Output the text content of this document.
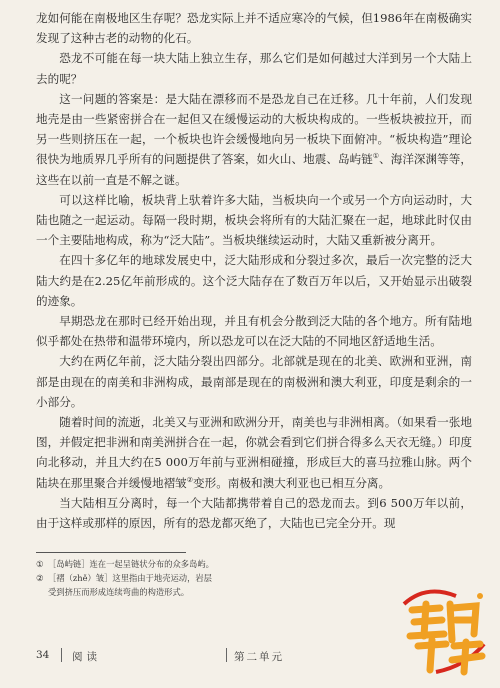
龙如何能在南极地区生存呢？恐龙实际上并不适应寒冷的气候，但1986年在南极确实发现了这种古老的动物的化石。

恐龙不可能在每一块大陆上独立生存，那么它们是如何越过大洋到另一个大陆上去的呢？

这一问题的答案是：是大陆在漂移而不是恐龙自己在迁移。几十年前，人们发现地壳是由一些紧密拼合在一起但又在缓慢运动的大板块构成的。一些板块被拉开，而另一些则挤压在一起，一个板块也许会缓慢地向另一板块下面俯冲。“板块构造”理论很快为地质界几乎所有的问题提供了答案，如火山、地震、岛屿链①、海洋深渊等等，这些在以前一直是不解之谜。

可以这样比喻，板块背上驮着许多大陆，当板块向一个或另一个方向运动时，大陆也随之一起运动。每隔一段时期，板块会将所有的大陆汇聚在一起，地球此时仅由一个主要陆地构成，称为“泛大陆”。当板块继续运动时，大陆又重新被分离开。

在四十多亿年的地球发展史中，泛大陆形成和分裂过多次，最后一次完整的泛大陆大约是在2.25亿年前形成的。这个泛大陆存在了数百万年以后，又开始显示出破裂的迹象。

早期恐龙在那时已经开始出现，并且有机会分散到泛大陆的各个地方。所有陆地似乎都处在热带和温带环境内，所以恐龙可以在泛大陆的不同地区舒适地生活。

大约在两亿年前，泛大陆分裂出四部分。北部就是现在的北美、欧洲和亚洲，南部是由现在的南美和非洲构成，最南部是现在的南极洲和澳大利亚，印度是剩余的一小部分。

随着时间的流逝，北美又与亚洲和欧洲分开，南美也与非洲相离。（如果看一张地图，并假定把非洲和南美洲拼合在一起，你就会看到它们拼合得多么天衣无缝。）印度向北移动，并且大约在5 000万年前与亚洲相碰撞，形成巨大的喜马拉雅山脉。两个陆块在那里聚合并缓慢地褶皱②变形。南极和澳大利亚也已相互分离。

当大陆相互分离时，每一个大陆都携带着自己的恐龙而去。到6 500万年以前，由于这样或那样的原因，所有的恐龙都灭绝了，大陆也已完全分开。现

① ［岛屿链］连在一起呈链状分布的众多岛屿。

② ［褶（zhě）皱］这里指由于地壳运动，岩层
受到挤压而形成连续弯曲的构造形式。

34 阅读	第二单元
